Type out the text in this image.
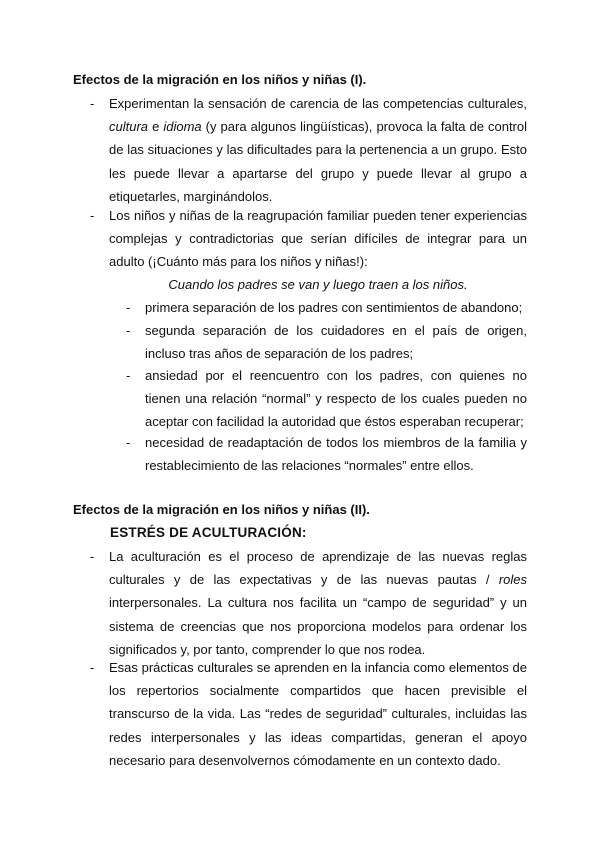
Efectos de la migración en los niños y niñas (I).
- Experimentan la sensación de carencia de las competencias culturales, cultura e idioma (y para algunos lingüísticas), provoca la falta de control de las situaciones y las dificultades para la pertenencia a un grupo. Esto les puede llevar a apartarse del grupo y puede llevar al grupo a etiquetarles, marginándolos.
- Los niños y niñas de la reagrupación familiar pueden tener experiencias complejas y contradictorias que serían difíciles de integrar para un adulto (¡Cuánto más para los niños y niñas!):
Cuando los padres se van y luego traen a los niños.
- primera separación de los padres con sentimientos de abandono;
- segunda separación de los cuidadores en el país de origen, incluso tras años de separación de los padres;
- ansiedad por el reencuentro con los padres, con quienes no tienen una relación “normal” y respecto de los cuales pueden no aceptar con facilidad la autoridad que éstos esperaban recuperar;
- necesidad de readaptación de todos los miembros de la familia y restablecimiento de las relaciones “normales” entre ellos.
Efectos de la migración en los niños y niñas (II).
ESTRÉS DE ACULTURACIÓN:
- La aculturación es el proceso de aprendizaje de las nuevas reglas culturales y de las expectativas y de las nuevas pautas / roles interpersonales. La cultura nos facilita un “campo de seguridad” y un sistema de creencias que nos proporciona modelos para ordenar los significados y, por tanto, comprender lo que nos rodea.
- Esas prácticas culturales se aprenden en la infancia como elementos de los repertorios socialmente compartidos que hacen previsible el transcurso de la vida. Las “redes de seguridad” culturales, incluidas las redes interpersonales y las ideas compartidas, generan el apoyo necesario para desenvolvernos cómodamente en un contexto dado.
